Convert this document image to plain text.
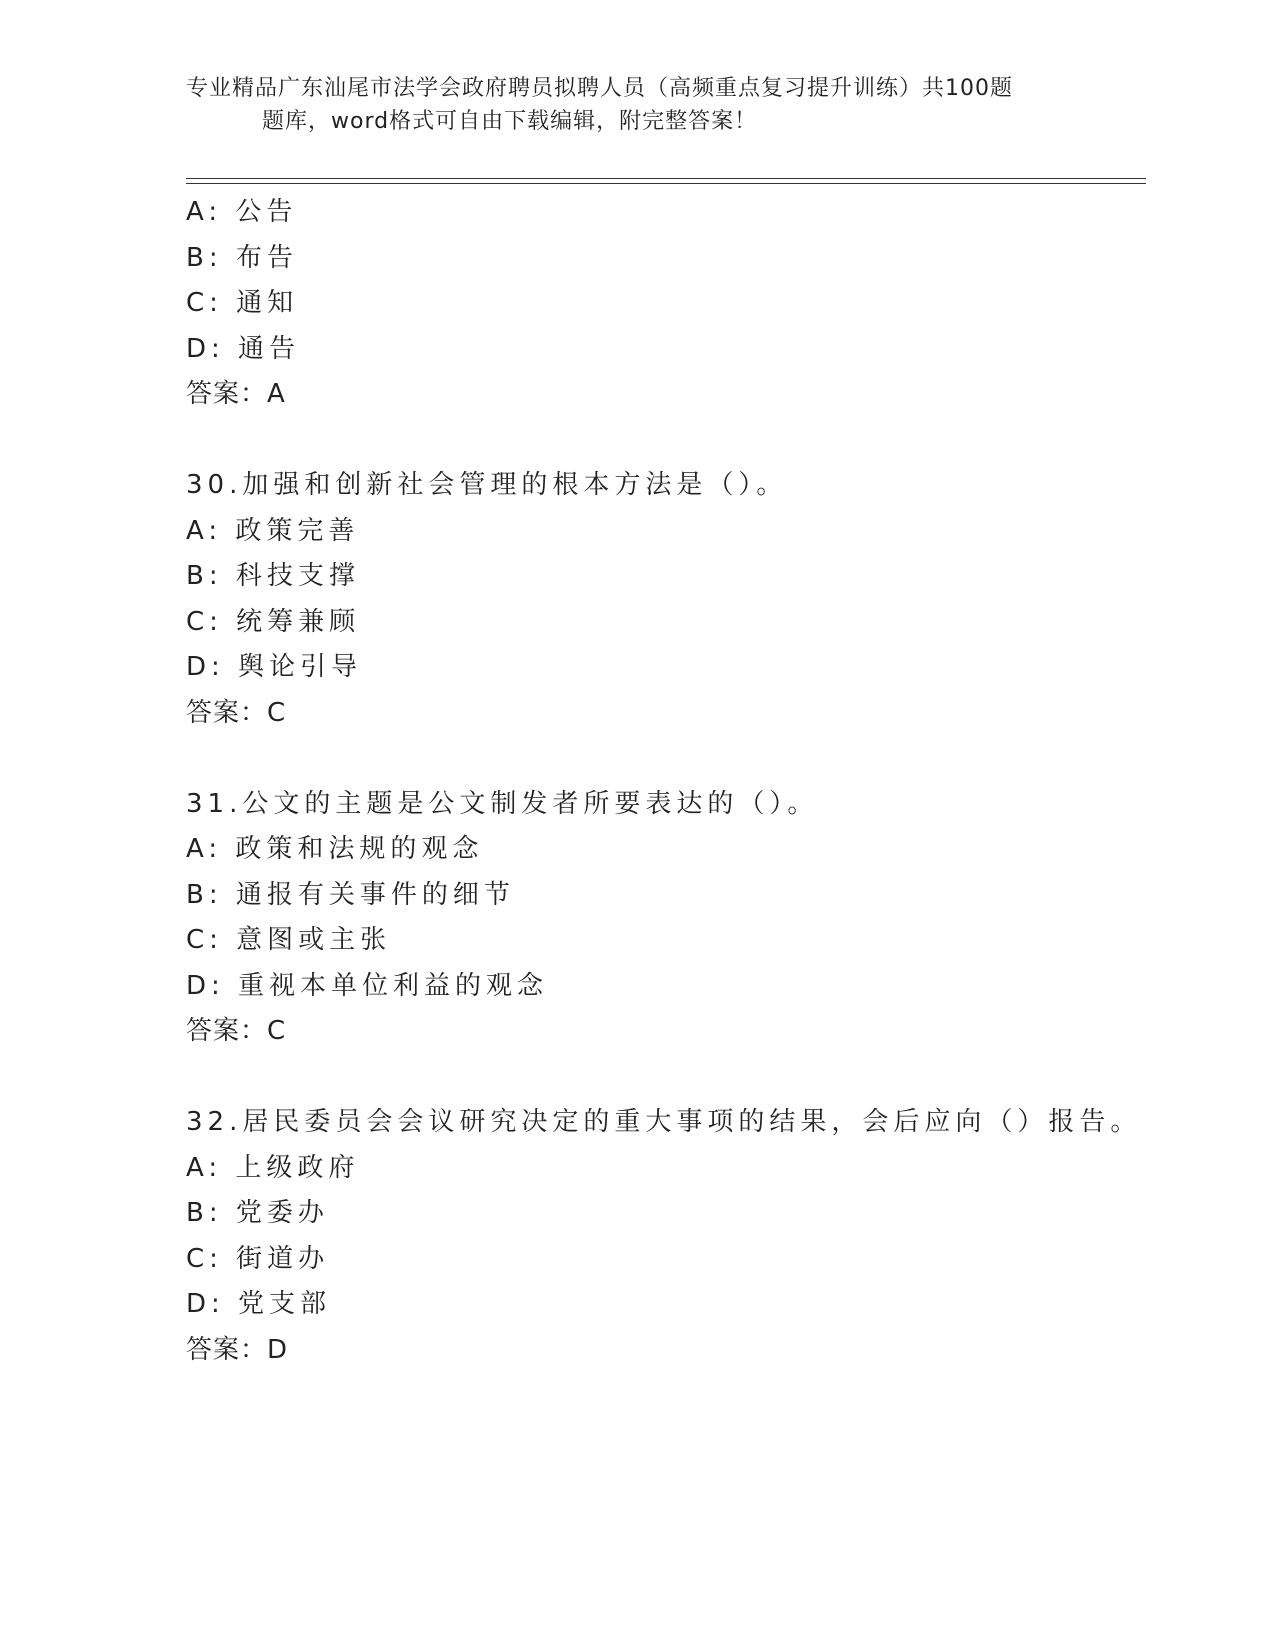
专业精品广东汕尾市法学会政府聘员拟聘人员（高频重点复习提升训练）共100题
题库，word格式可自由下载编辑，附完整答案！
A: 公告
B: 布告
C: 通知
D: 通告
答案：A
30.加强和创新社会管理的根本方法是（）。
A: 政策完善
B: 科技支撑
C: 统筹兼顾
D: 舆论引导
答案：C
31.公文的主题是公文制发者所要表达的（）。
A: 政策和法规的观念
B: 通报有关事件的细节
C: 意图或主张
D: 重视本单位利益的观念
答案：C
32.居民委员会会议研究决定的重大事项的结果，会后应向（）报告。
A: 上级政府
B: 党委办
C: 街道办
D: 党支部
答案：D
